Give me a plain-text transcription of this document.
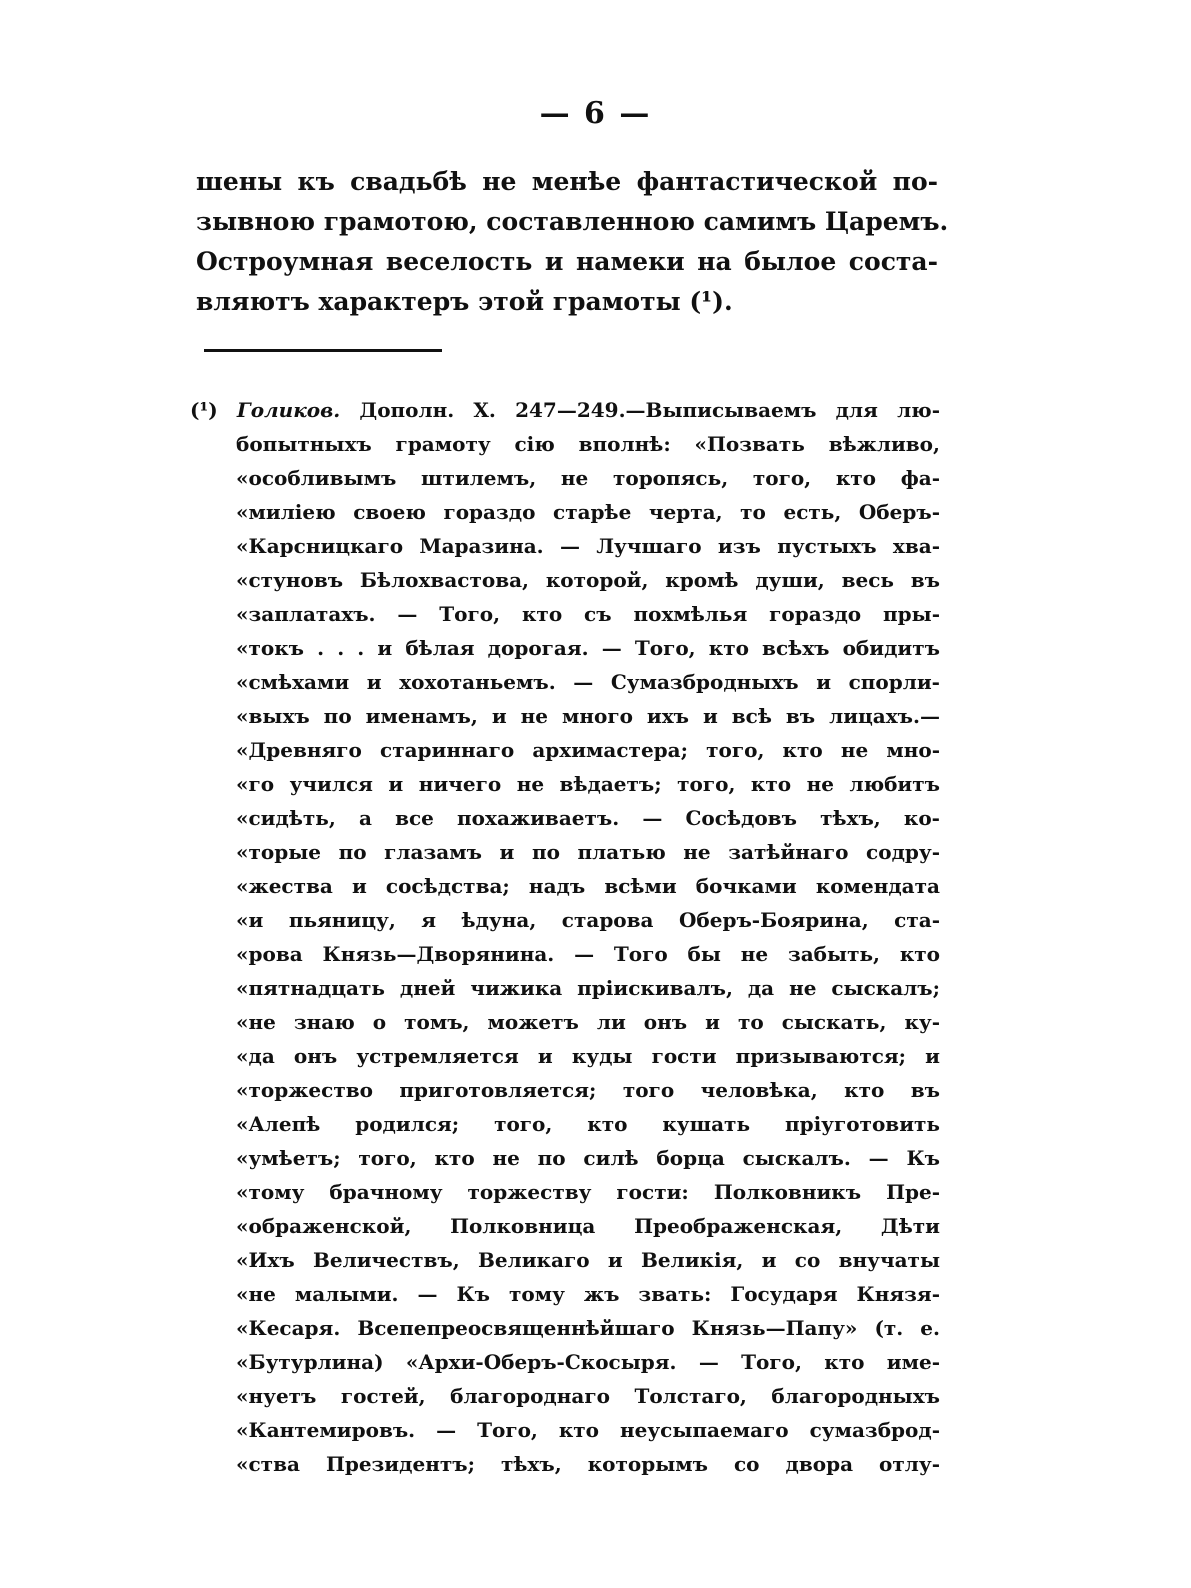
— 6 —
шены къ свадьбѣ не менѣе фантастической по-
зывною грамотою, составленною самимъ Царемъ.
Остроумная веселость и намеки на былое соста-
вляютъ характеръ этой грамоты (¹).
(¹) Голиков. Дополн. X. 247—249.—Выписываемъ для лю-
бопытныхъ грамоту сію вполнѣ: «Позвать вѣжливо,
«особливымъ штилемъ, не торопясь, того, кто фа-
«милiею своею гораздо старѣе черта, то есть, Оберъ-
«Карсницкаго Маразина. — Лучшаго изъ пустыхъ хва-
«стуновъ Бѣлохвастова, которой, кромѣ души, весь въ
«заплатахъ. — Того, кто съ похмѣлья гораздо пры-
«токъ . . . и бѣлая дорогая. — Того, кто всѣхъ обидитъ
«смѣхами и хохотаньемъ. — Сумазбродныхъ и спорли-
«выхъ по именамъ, и не много ихъ и всѣ въ лицахъ.—
«Древняго стариннаго архимастера; того, кто не мно-
«го учился и ничего не вѣдаетъ; того, кто не любитъ
«сидѣть, а все похаживаетъ. — Сосѣдовъ тѣхъ, ко-
«торые по глазамъ и по платью не затѣйнаго содру-
«жества и сосѣдства; надъ всѣми бочками комендата
«и пьяницу, я ѣдуна, старова Оберъ-Боярина, ста-
«рова Князь—Дворянина. — Того бы не забыть, кто
«пятнадцать дней чижика прiискивалъ, да не сыскалъ;
«не знаю о томъ, можетъ ли онъ и то сыскать, ку-
«да онъ устремляется и куды гости призываются; и
«торжество приготовляется; того человѣка, кто въ
«Алепѣ родился; того, кто кушать прiуготовить
«умѣетъ; того, кто не по силѣ борца сыскалъ. — Къ
«тому брачному торжеству гости: Полковникъ Пре-
«ображенской, Полковница Преображенская, Дѣти
«Ихъ Величествъ, Великаго и Великiя, и со внучаты
«не малыми. — Къ тому жъ звать: Государя Князя-
«Кесаря. Всепепреосвященнѣйшаго Князь—Папу» (т. е.
«Бутурлина) «Архи-Оберъ-Скосыря. — Того, кто име-
«нуетъ гостей, благороднаго Толстаго, благородныхъ
«Кантемировъ. — Того, кто неусыпаемаго сумазброд-
«ства Президентъ; тѣхъ, которымъ со двора отлу-
